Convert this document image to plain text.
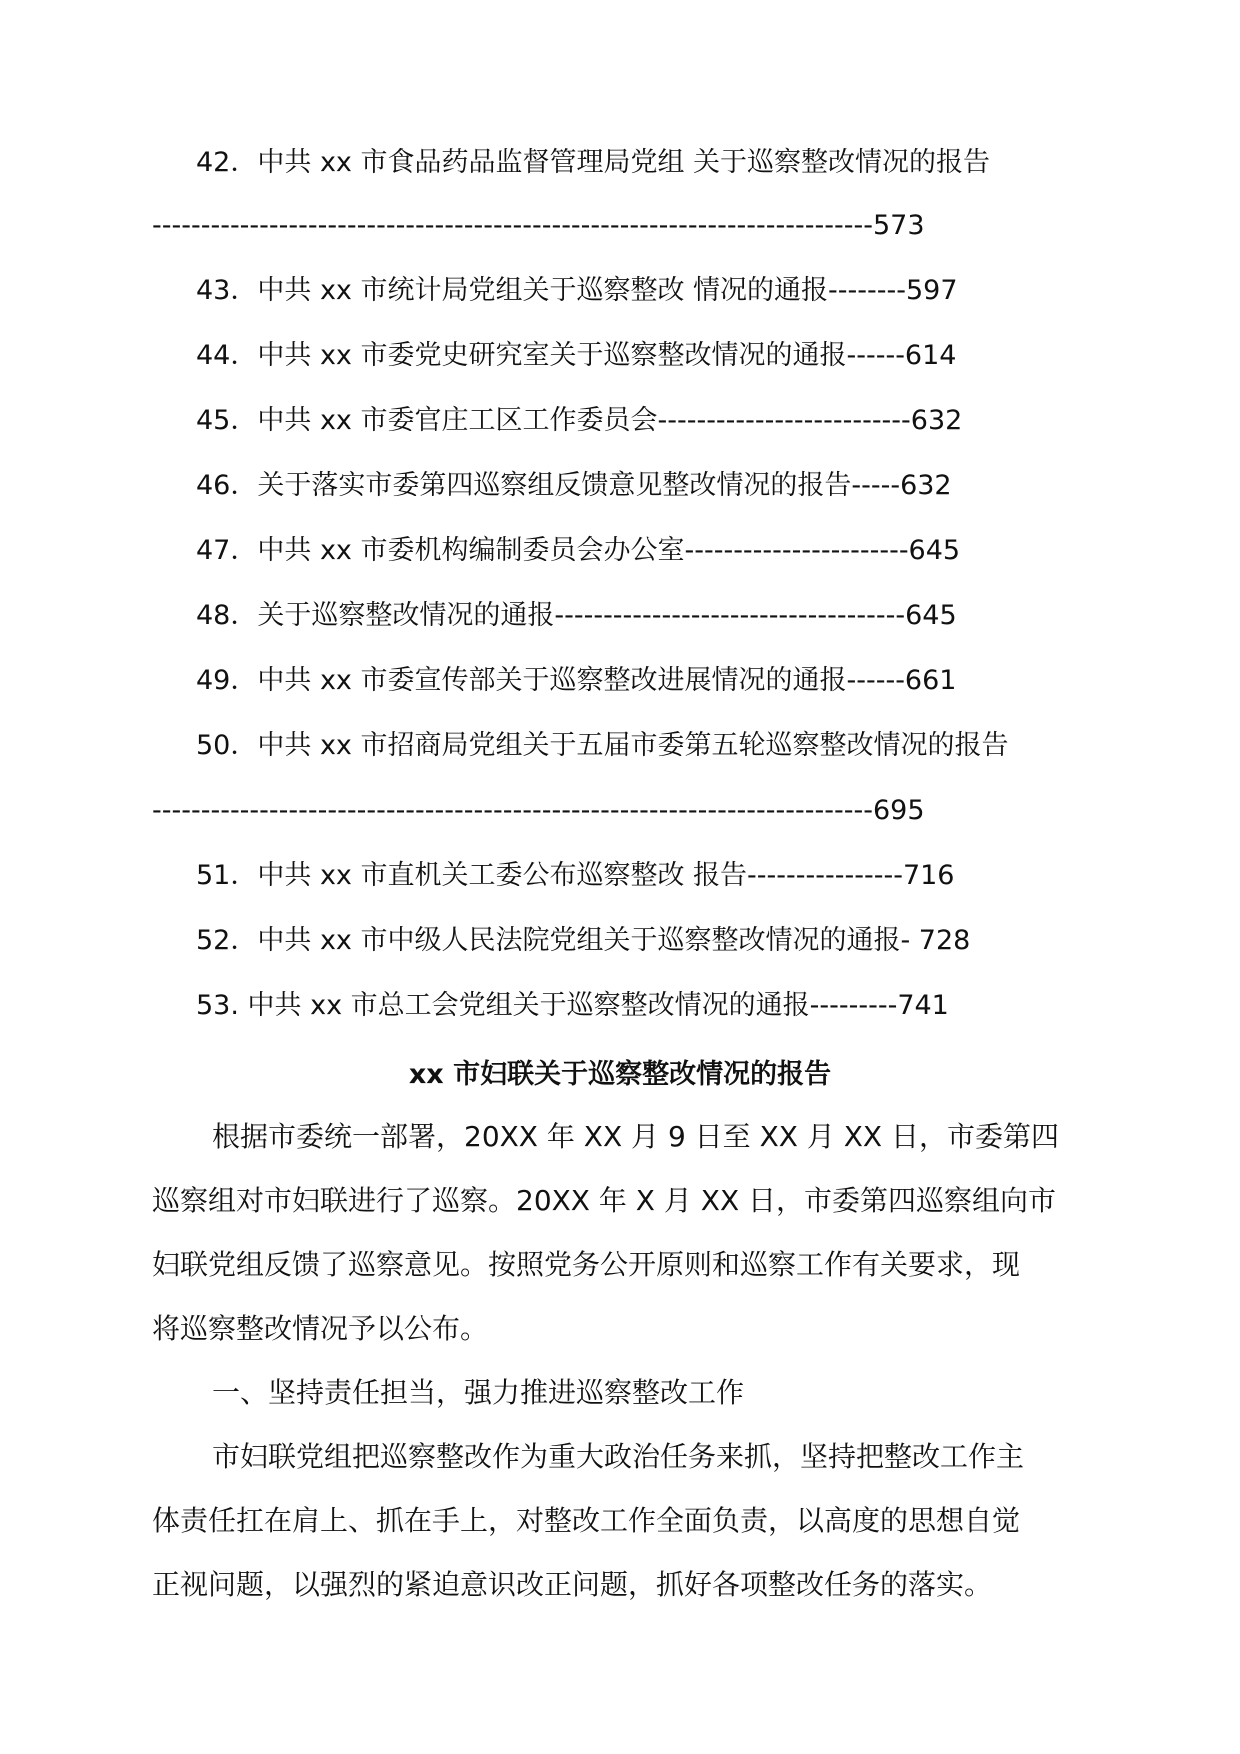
42．中共 xx 市食品药品监督管理局党组 关于巡察整改情况的报告
--------------------------------------------------------------------------573
43．中共 xx 市统计局党组关于巡察整改 情况的通报--------597
44．中共 xx 市委党史研究室关于巡察整改情况的通报------614
45．中共 xx 市委官庄工区工作委员会--------------------------632
46．关于落实市委第四巡察组反馈意见整改情况的报告-----632
47．中共 xx 市委机构编制委员会办公室-----------------------645
48．关于巡察整改情况的通报------------------------------------645
49．中共 xx 市委宣传部关于巡察整改进展情况的通报------661
50．中共 xx 市招商局党组关于五届市委第五轮巡察整改情况的报告
--------------------------------------------------------------------------695
51．中共 xx 市直机关工委公布巡察整改 报告----------------716
52．中共 xx 市中级人民法院党组关于巡察整改情况的通报- 728
53. 中共 xx 市总工会党组关于巡察整改情况的通报---------741
xx 市妇联关于巡察整改情况的报告
根据市委统一部署，20XX 年 XX 月 9 日至 XX 月 XX 日，市委第四
巡察组对市妇联进行了巡察。20XX 年 X 月 XX 日，市委第四巡察组向市
妇联党组反馈了巡察意见。按照党务公开原则和巡察工作有关要求，现
将巡察整改情况予以公布。
一、坚持责任担当，强力推进巡察整改工作
市妇联党组把巡察整改作为重大政治任务来抓，坚持把整改工作主
体责任扛在肩上、抓在手上，对整改工作全面负责，以高度的思想自觉
正视问题，以强烈的紧迫意识改正问题，抓好各项整改任务的落实。
